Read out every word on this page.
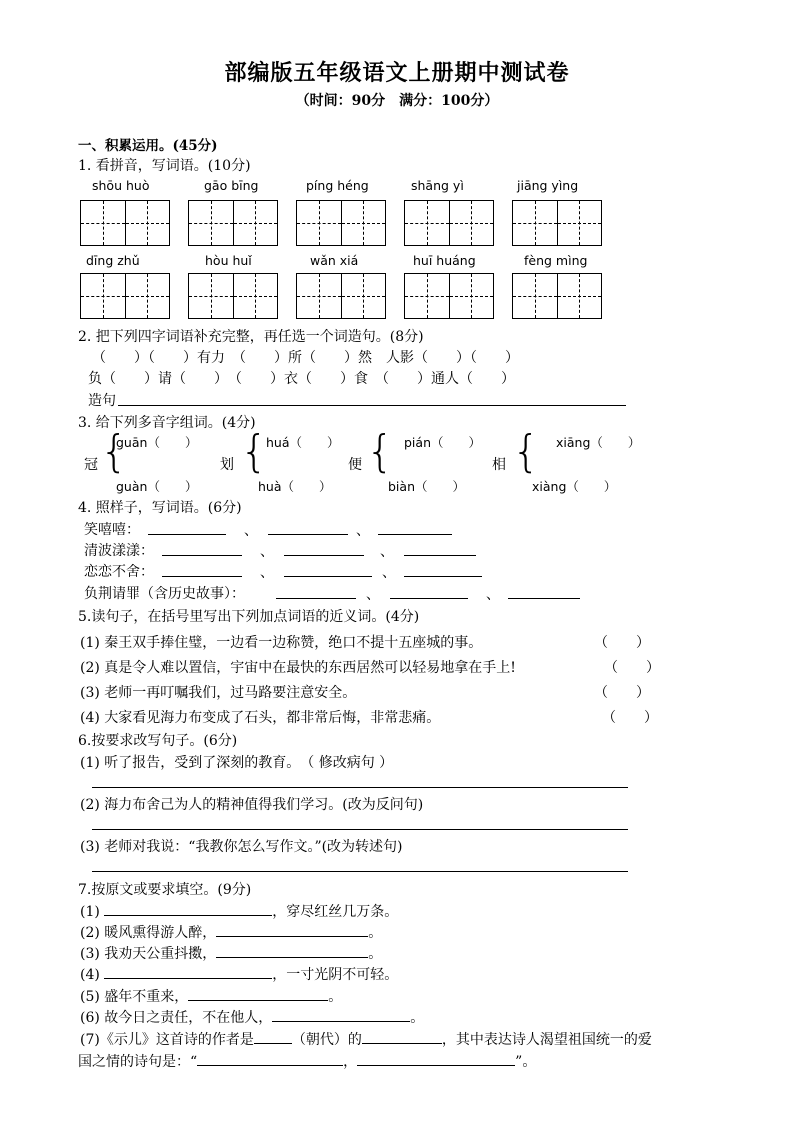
部编版五年级语文上册期中测试卷
（时间：90分　满分：100分）
一、积累运用。(45分)
1. 看拼音，写词语。(10分)
shōu huò	gāo bīng	píng héng	shāng yì	jiāng yìng
dīng zhǔ	hòu huǐ	wǎn xiá	huī huáng	fèng mìng
2. 把下列四字词语补充完整，再任选一个词造句。(8分)
（　　）（　　）有力　（　　）所（　　）然　人影（　　）（　　）
负（　　）请（　　）　（　　）衣（　　）食　（　　）通人（　　）
造句
3. 给下列多音字组词。(4分)
冠 {
guān（　　）
guàn（　　）
划 {
huá（　　）
huà（　　）
便 { pián（　　）
biàn（　　）
相 { xiāng（　　）
xiàng（　　）
4. 照样子，写词语。(6分)
笑嘻嘻：	、	、
清波漾漾：	、	、
恋恋不舍：	、	、
负荆请罪（含历史故事）：	、	、
5.读句子，在括号里写出下列加点词语的近义词。(4分)
(1) 秦王双手捧住璧，一边看一边称赞，绝口不提十五座城的事。	（　　）
(2) 真是令人难以置信，宇宙中在最快的东西居然可以轻易地拿在手上!	（　　）
(3) 老师一再叮嘱我们，过马路要注意安全。	（　　）
(4) 大家看见海力布变成了石头，都非常后悔，非常悲痛。	（　　）
6.按要求改写句子。(6分)
(1) 听了报告，受到了深刻的教育。　（ 修改病句 ）
(2) 海力布舍己为人的精神值得我们学习。(改为反问句)
(3) 老师对我说：“我教你怎么写作文。”(改为转述句)
7.按原文或要求填空。(9分)
(1)	，穿尽红丝几万条。
(2) 暖风熏得游人醉，	。
(3) 我劝天公重抖擞，	。
(4)	，一寸光阴不可轻。
(5) 盛年不重来，	。
(6) 故今日之责任，不在他人，	。
(7)《示儿》这首诗的作者是	（朝代）的	，其中表达诗人渴望祖国统一的爱
国之情的诗句是：“	，	”。
